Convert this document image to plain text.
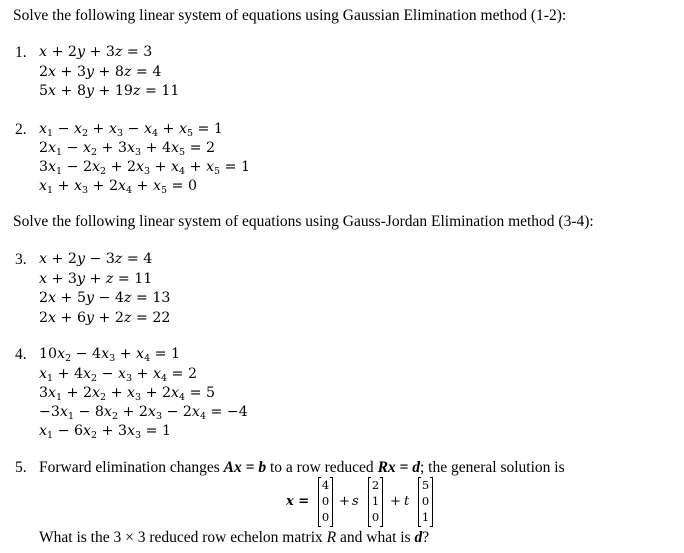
Solve the following linear system of equations using Gaussian Elimination method (1-2):
1. x + 2y + 3z = 3
2x + 3y + 8z = 4
5x + 8y + 19z = 11
2. $x_1 - x_2 + x_3 - x_4 + x_5 = 1$
$2x_1 - x_2 + 3x_3 + 4x_5 = 2$
$3x_1 - 2x_2 + 2x_3 + x_4 + x_5 = 1$
$x_1 + x_3 + 2x_4 + x_5 = 0$
Solve the following linear system of equations using Gauss-Jordan Elimination method (3-4):
3. x + 2y − 3z = 4
x + 3y + z = 11
2x + 5y − 4z = 13
2x + 6y + 2z = 22
4. $10x_2 - 4x_3 + x_4 = 1$
$x_1 + 4x_2 - x_3 + x_4 = 2$
$3x_1 + 2x_2 + x_3 + 2x_4 = 5$
$-3x_1 - 8x_2 + 2x_3 - 2x_4 = -4$
$x_1 - 6x_2 + 3x_3 = 1$
5. Forward elimination changes Ax = b to a row reduced Rx = d; the general solution is
x =
4
0
0
+ s
2
1
0
+ t
5
0
1
What is the 3 × 3 reduced row echelon matrix R and what is d?
